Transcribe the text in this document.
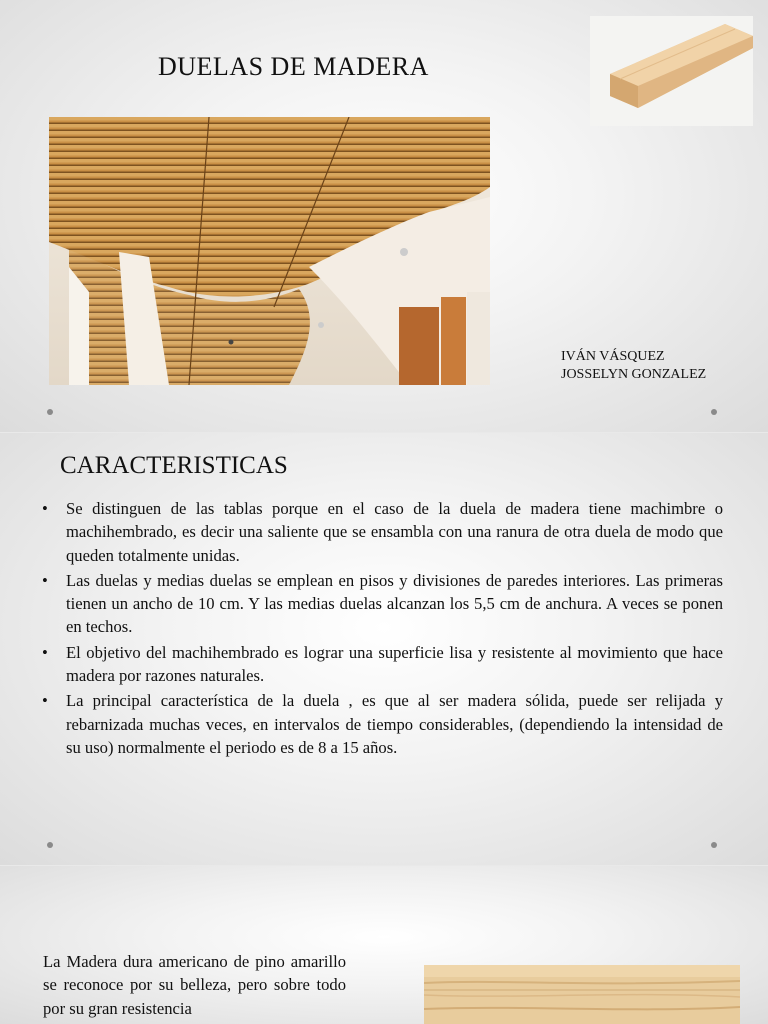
DUELAS DE MADERA
IVÁN VÁSQUEZ
JOSSELYN GONZALEZ
CARACTERISTICAS
• Se distinguen de las tablas porque en el caso de la duela de madera tiene machimbre o machihembrado, es decir una saliente que se ensambla con una ranura de otra duela de modo que queden totalmente unidas.
• Las duelas y medias duelas se emplean en pisos y divisiones de paredes interiores. Las primeras tienen un ancho de 10 cm. Y las medias duelas alcanzan los 5,5 cm de anchura. A veces se ponen en techos.
• El objetivo del machihembrado es lograr una superficie lisa y resistente al movimiento que hace madera por razones naturales.
• La principal característica de la duela , es que al ser madera sólida, puede ser relijada y rebarnizada muchas veces, en intervalos de tiempo considerables, (dependiendo la intensidad de su uso) normalmente el periodo es de 8 a 15 años.
La Madera dura americano de pino amarillo se reconoce por su belleza, pero sobre todo por su gran resistencia
